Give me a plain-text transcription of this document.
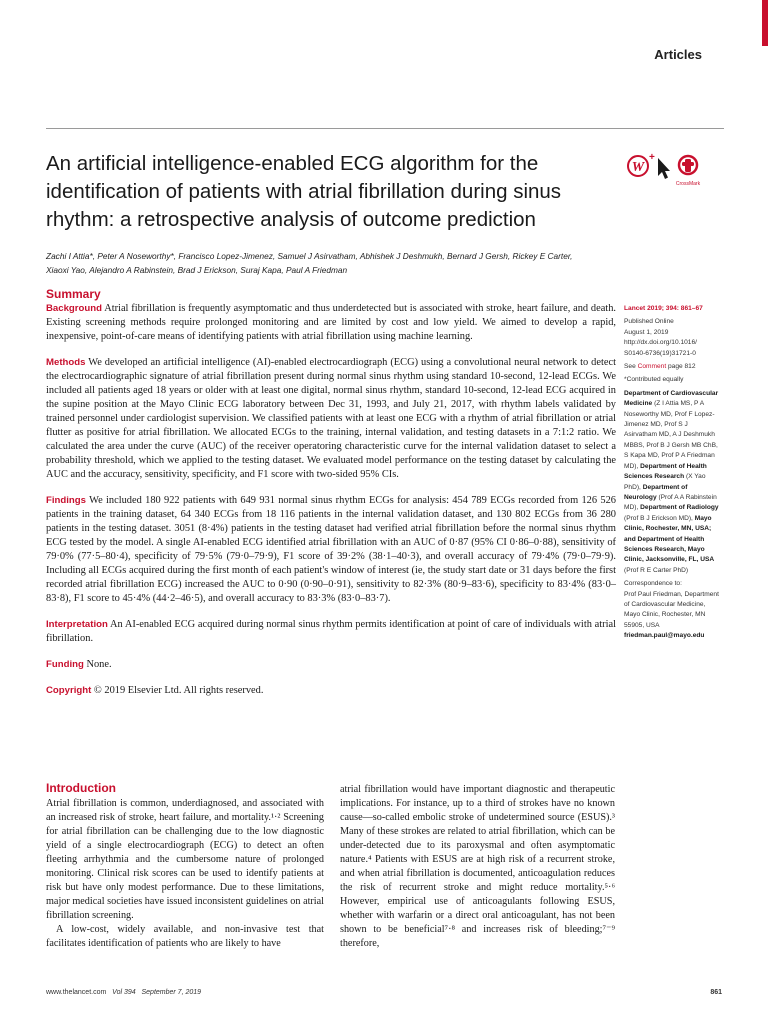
Articles
An artificial intelligence-enabled ECG algorithm for the identification of patients with atrial fibrillation during sinus rhythm: a retrospective analysis of outcome prediction
W
+
CrossMark
Zachi I Attia*, Peter A Noseworthy*, Francisco Lopez-Jimenez, Samuel J Asirvatham, Abhishek J Deshmukh, Bernard J Gersh, Rickey E Carter,
Xiaoxi Yao, Alejandro A Rabinstein, Brad J Erickson, Suraj Kapa, Paul A Friedman
Summary

Background Atrial fibrillation is frequently asymptomatic and thus underdetected but is associated with stroke, heart failure, and death. Existing screening methods require prolonged monitoring and are limited by cost and low yield. We aimed to develop a rapid, inexpensive, point-of-care means of identifying patients with atrial fibrillation using machine learning.

Methods We developed an artificial intelligence (AI)-enabled electrocardiograph (ECG) using a convolutional neural network to detect the electrocardiographic signature of atrial fibrillation present during normal sinus rhythm using standard 10-second, 12-lead ECGs. We included all patients aged 18 years or older with at least one digital, normal sinus rhythm, standard 10-second, 12-lead ECG acquired in the supine position at the Mayo Clinic ECG laboratory between Dec 31, 1993, and July 21, 2017, with rhythm labels validated by trained personnel under cardiologist supervision. We classified patients with at least one ECG with a rhythm of atrial fibrillation or atrial flutter as positive for atrial fibrillation. We allocated ECGs to the training, internal validation, and testing datasets in a 7:1:2 ratio. We calculated the area under the curve (AUC) of the receiver operatoring characteristic curve for the internal validation dataset to select a probability threshold, which we applied to the testing dataset. We evaluated model performance on the testing dataset by calculating the AUC and the accuracy, sensitivity, specificity, and F1 score with two-sided 95% CIs.

Findings We included 180 922 patients with 649 931 normal sinus rhythm ECGs for analysis: 454 789 ECGs recorded from 126 526 patients in the training dataset, 64 340 ECGs from 18 116 patients in the internal validation dataset, and 130 802 ECGs from 36 280 patients in the testing dataset. 3051 (8·4%) patients in the testing dataset had verified atrial fibrillation before the normal sinus rhythm ECG tested by the model. A single AI-enabled ECG identified atrial fibrillation with an AUC of 0·87 (95% CI 0·86–0·88), sensitivity of 79·0% (77·5–80·4), specificity of 79·5% (79·0–79·9), F1 score of 39·2% (38·1–40·3), and overall accuracy of 79·4% (79·0–79·9). Including all ECGs acquired during the first month of each patient's window of interest (ie, the study start date or 31 days before the first recorded atrial fibrillation ECG) increased the AUC to 0·90 (0·90–0·91), sensitivity to 82·3% (80·9–83·6), specificity to 83·4% (83·0–83·8), F1 score to 45·4% (44·2–46·5), and overall accuracy to 83·3% (83·0–83·7).

Interpretation An AI-enabled ECG acquired during normal sinus rhythm permits identification at point of care of individuals with atrial fibrillation.

Funding None.

Copyright © 2019 Elsevier Ltd. All rights reserved.

Lancet 2019; 394: 861–67
Published Online
August 1, 2019
http://dx.doi.org/10.1016/
S0140-6736(19)31721-0
See Comment page 812
*Contributed equally
Department of Cardiovascular Medicine (Z I Attia MS, P A Noseworthy MD, Prof F Lopez-Jimenez MD, Prof S J Asirvatham MD, A J Deshmukh MBBS, Prof B J Gersh MB ChB, S Kapa MD, Prof P A Friedman MD), Department of Health Sciences Research (X Yao PhD), Department of Neurology (Prof A A Rabinstein MD), Department of Radiology (Prof B J Erickson MD), Mayo Clinic, Rochester, MN, USA; and Department of Health Sciences Research, Mayo Clinic, Jacksonville, FL, USA (Prof R E Carter PhD)
Correspondence to:
Prof Paul Friedman, Department of Cardiovascular Medicine, Mayo Clinic, Rochester, MN 55905, USA
friedman.paul@mayo.edu
Introduction

Atrial fibrillation is common, underdiagnosed, and associated with an increased risk of stroke, heart failure, and mortality.¹·² Screening for atrial fibrillation can be challenging due to the low diagnostic yield of a single electrocardiograph (ECG) to detect an often fleeting arrhythmia and the cumbersome nature of prolonged monitoring. Clinical risk scores can be used to identify patients at risk but have only modest performance. Due to these limitations, major medical societies have issued inconsistent guidelines on atrial fibrillation screening.

A low-cost, widely available, and non-invasive test that facilitates identification of patients who are likely to have

atrial fibrillation would have important diagnostic and therapeutic implications. For instance, up to a third of strokes have no known cause—so-called embolic stroke of undetermined source (ESUS).³ Many of these strokes are related to atrial fibrillation, which can be under-detected due to its paroxysmal and often asymptomatic nature.⁴ Patients with ESUS are at high risk of a recurrent stroke, and when atrial fibrillation is documented, anticoagulation reduces the risk of recurrent stroke and might reduce mortality.⁵·⁶ However, empirical use of anticoagulants following ESUS, whether with warfarin or a direct oral anticoagulant, has not been shown to be beneficial⁷·⁸ and increases risk of bleeding;⁷⁻⁹ therefore,

www.thelancet.com Vol 394 September 7, 2019	861
